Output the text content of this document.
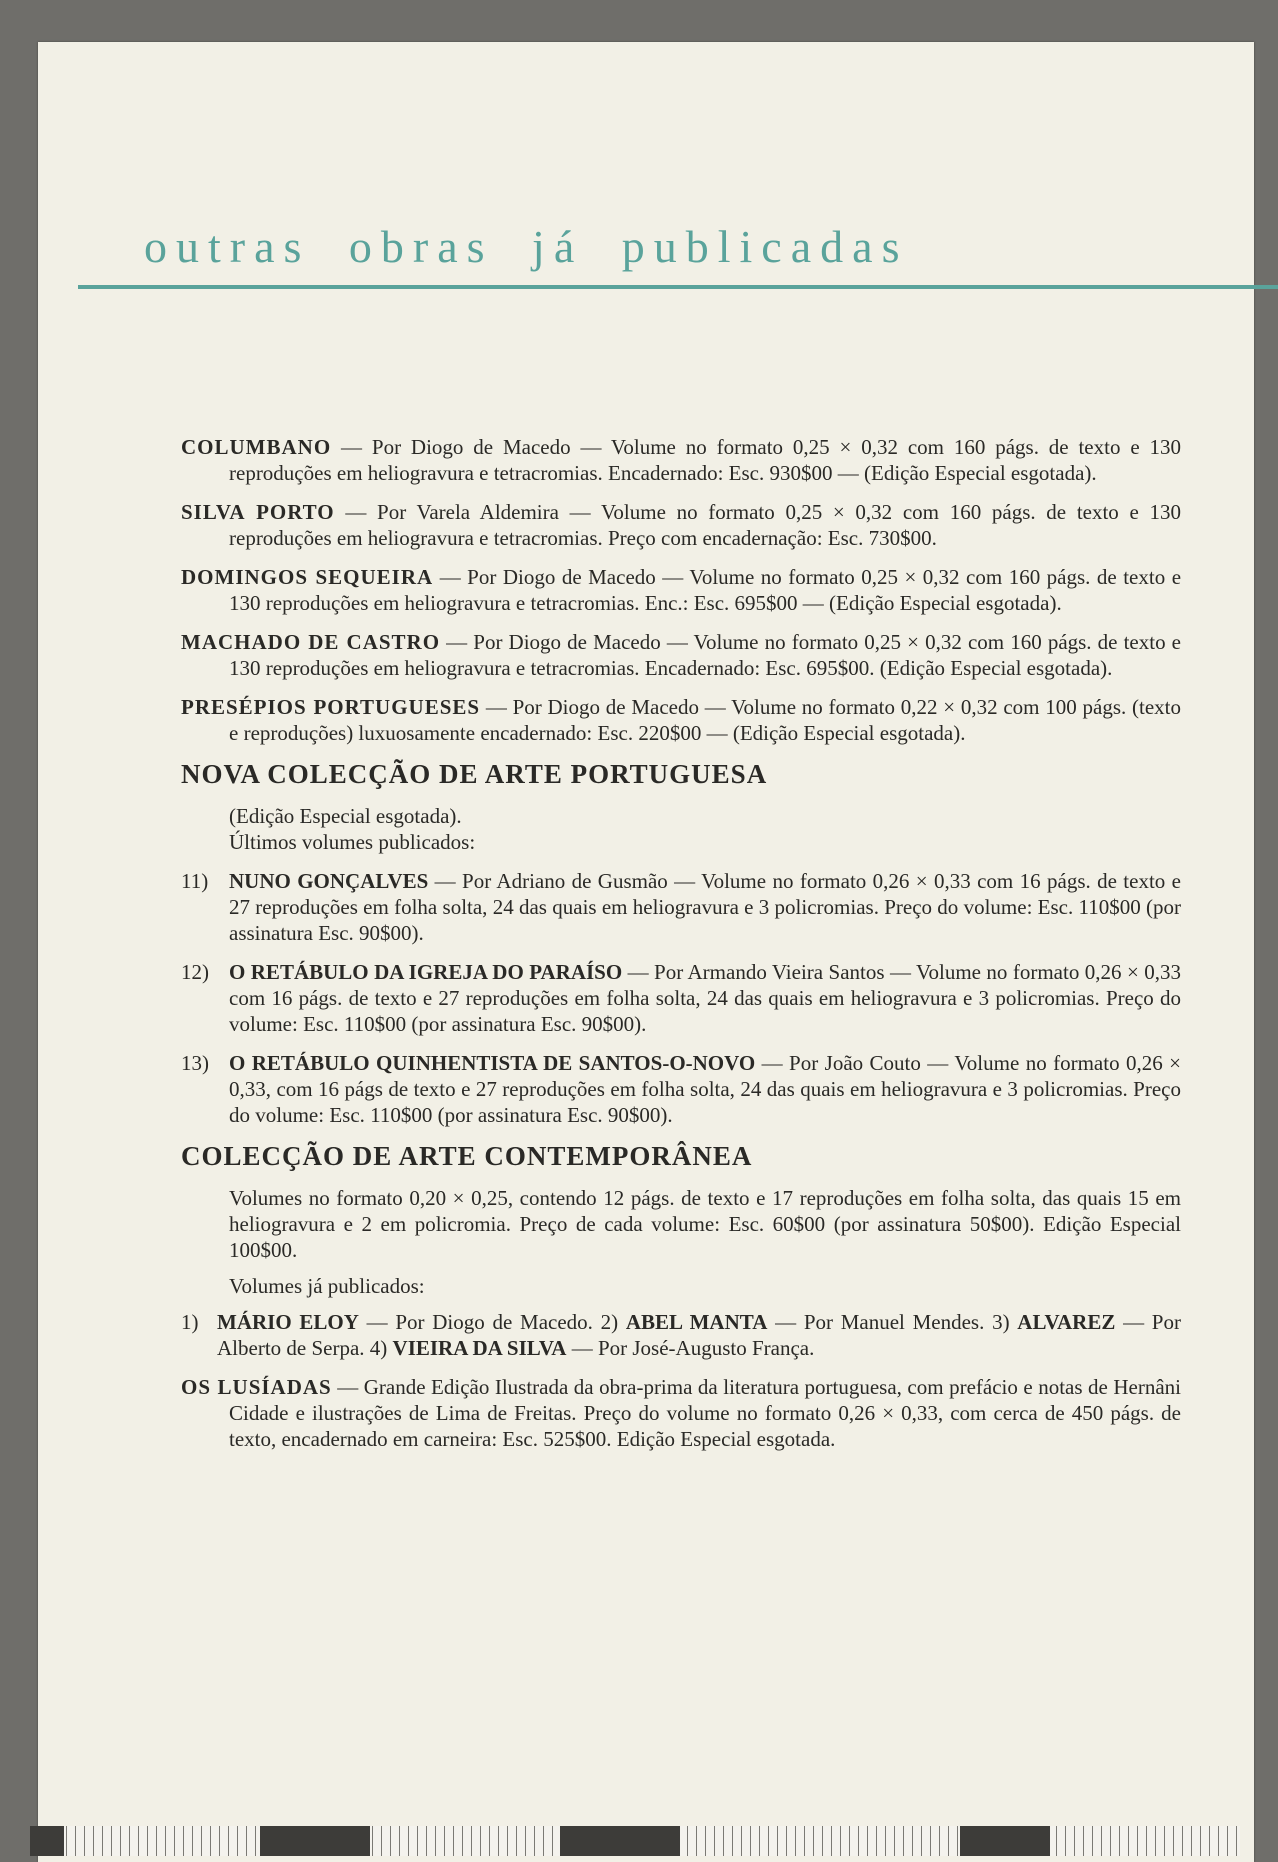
outras obras já publicadas

COLUMBANO — Por Diogo de Macedo — Volume no formato 0,25 × 0,32 com 160 págs. de texto e 130 reproduções em heliogravura e tetracromias. Encadernado: Esc. 930$00 — (Edição Especial esgotada).

SILVA PORTO — Por Varela Aldemira — Volume no formato 0,25 × 0,32 com 160 págs. de texto e 130 reproduções em heliogravura e tetracromias. Preço com encadernação: Esc. 730$00.

DOMINGOS SEQUEIRA — Por Diogo de Macedo — Volume no formato 0,25 × 0,32 com 160 págs. de texto e 130 reproduções em heliogravura e tetracromias. Enc.: Esc. 695$00 — (Edição Especial esgotada).

MACHADO DE CASTRO — Por Diogo de Macedo — Volume no formato 0,25 × 0,32 com 160 págs. de texto e 130 reproduções em heliogravura e tetracromias. Encadernado: Esc. 695$00. (Edição Especial esgotada).

PRESÉPIOS PORTUGUESES — Por Diogo de Macedo — Volume no formato 0,22 × 0,32 com 100 págs. (texto e reproduções) luxuosamente encadernado: Esc. 220$00 — (Edição Especial esgotada).

NOVA COLECÇÃO DE ARTE PORTUGUESA

(Edição Especial esgotada).

Últimos volumes publicados:

11) NUNO GONÇALVES — Por Adriano de Gusmão — Volume no formato 0,26 × 0,33 com 16 págs. de texto e 27 reproduções em folha solta, 24 das quais em heliogravura e 3 policromias. Preço do volume: Esc. 110$00 (por assinatura Esc. 90$00).
12) O RETÁBULO DA IGREJA DO PARAÍSO — Por Armando Vieira Santos — Volume no formato 0,26 × 0,33 com 16 págs. de texto e 27 reproduções em folha solta, 24 das quais em heliogravura e 3 policromias. Preço do volume: Esc. 110$00 (por assinatura Esc. 90$00).
13) O RETÁBULO QUINHENTISTA DE SANTOS-O-NOVO — Por João Couto — Volume no formato 0,26 × 0,33, com 16 págs de texto e 27 reproduções em folha solta, 24 das quais em heliogravura e 3 policromias. Preço do volume: Esc. 110$00 (por assinatura Esc. 90$00).
COLECÇÃO DE ARTE CONTEMPORÂNEA

Volumes no formato 0,20 × 0,25, contendo 12 págs. de texto e 17 reproduções em folha solta, das quais 15 em heliogravura e 2 em policromia. Preço de cada volume: Esc. 60$00 (por assinatura 50$00). Edição Especial 100$00.

Volumes já publicados:

1) MÁRIO ELOY — Por Diogo de Macedo. 2) ABEL MANTA — Por Manuel Mendes. 3) ALVAREZ — Por Alberto de Serpa. 4) VIEIRA DA SILVA — Por José-Augusto França.

OS LUSÍADAS — Grande Edição Ilustrada da obra-prima da literatura portuguesa, com prefácio e notas de Hernâni Cidade e ilustrações de Lima de Freitas. Preço do volume no formato 0,26 × 0,33, com cerca de 450 págs. de texto, encadernado em carneira: Esc. 525$00. Edição Especial esgotada.
